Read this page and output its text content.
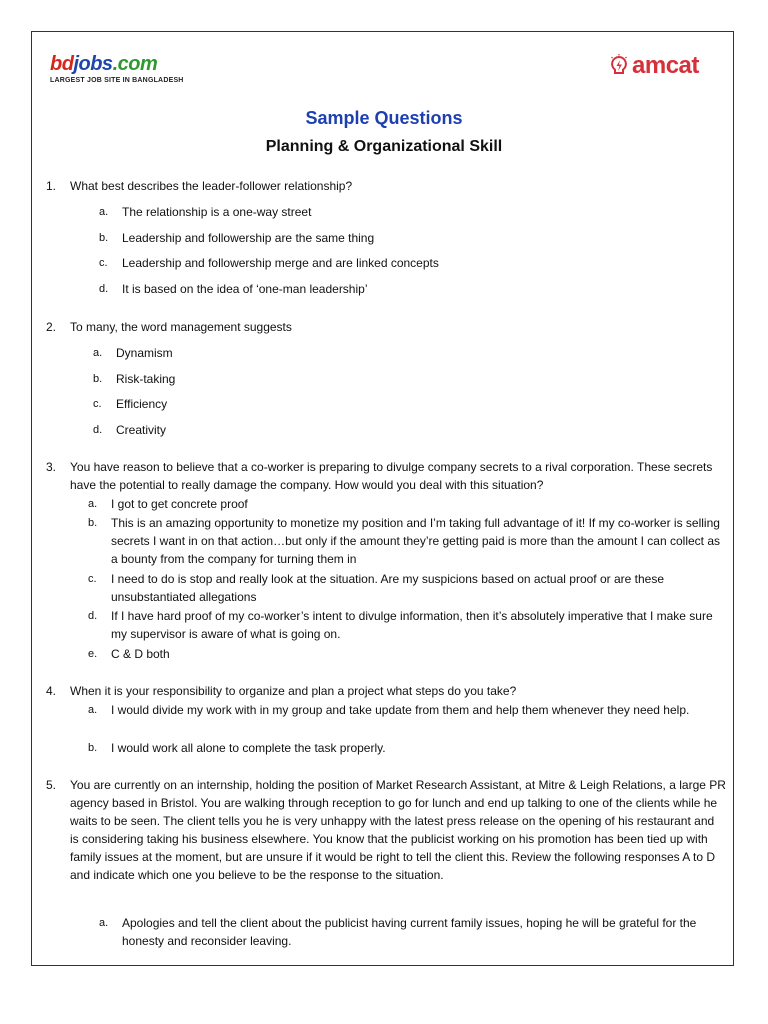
bdjobs.com
LARGEST JOB SITE IN BANGLADESH
amcat
Sample Questions
Planning & Organizational Skill
1. What best describes the leader-follower relationship?
a. The relationship is a one-way street
b. Leadership and followership are the same thing
c. Leadership and followership merge and are linked concepts
d. It is based on the idea of ‘one-man leadership’
2. To many, the word management suggests
a. Dynamism
b. Risk-taking
c. Efficiency
d. Creativity
3. You have reason to believe that a co-worker is preparing to divulge company secrets to a rival corporation. These secrets have the potential to really damage the company. How would you deal with this situation?
a. I got to get concrete proof
b. This is an amazing opportunity to monetize my position and I’m taking full advantage of it! If my co-worker is selling secrets I want in on that action…but only if the amount they’re getting paid is more than the amount I can collect as a bounty from the company for turning them in
c. I need to do is stop and really look at the situation. Are my suspicions based on actual proof or are these unsubstantiated allegations
d. If I have hard proof of my co-worker’s intent to divulge information, then it’s absolutely imperative that I make sure my supervisor is aware of what is going on.
e. C & D both
4. When it is your responsibility to organize and plan a project what steps do you take?
a. I would divide my work with in my group and take update from them and help them whenever they need help.
b. I would work all alone to complete the task properly.
5. You are currently on an internship, holding the position of Market Research Assistant, at Mitre & Leigh Relations, a large PR agency based in Bristol. You are walking through reception to go for lunch and end up talking to one of the clients while he waits to be seen. The client tells you he is very unhappy with the latest press release on the opening of his restaurant and is considering taking his business elsewhere. You know that the publicist working on his promotion has been tied up with family issues at the moment, but are unsure if it would be right to tell the client this. Review the following responses A to D and indicate which one you believe to be the response to the situation.
a. Apologies and tell the client about the publicist having current family issues, hoping he will be grateful for the honesty and reconsider leaving.
